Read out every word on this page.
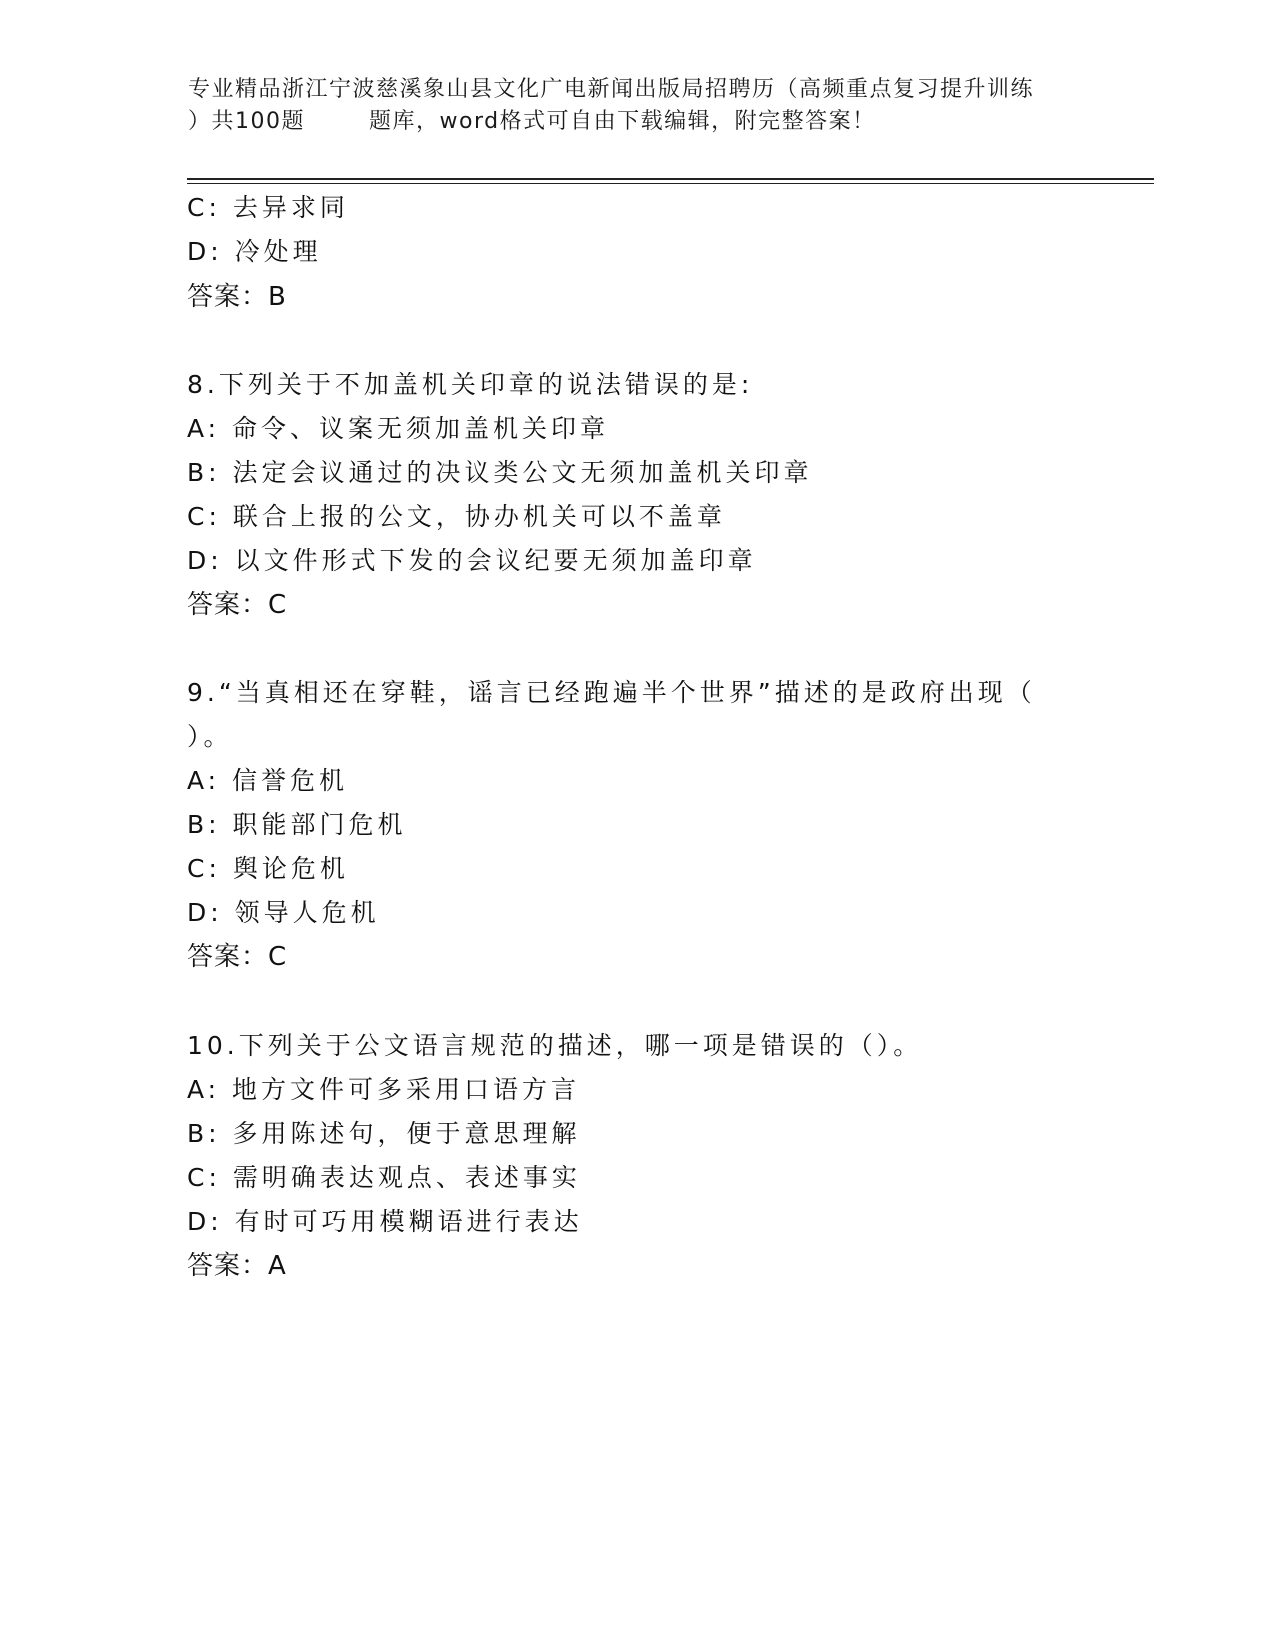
专业精品浙江宁波慈溪象山县文化广电新闻出版局招聘历（高频重点复习提升训练
）共100题	题库，word格式可自由下载编辑，附完整答案！
C: 去异求同
D: 冷处理
答案：B
8.下列关于不加盖机关印章的说法错误的是:
A: 命令、议案无须加盖机关印章
B: 法定会议通过的决议类公文无须加盖机关印章
C: 联合上报的公文，协办机关可以不盖章
D: 以文件形式下发的会议纪要无须加盖印章
答案：C
9.“当真相还在穿鞋，谣言已经跑遍半个世界”描述的是政府出现（
）。
A: 信誉危机
B: 职能部门危机
C: 舆论危机
D: 领导人危机
答案：C
10.下列关于公文语言规范的描述，哪一项是错误的（）。
A: 地方文件可多采用口语方言
B: 多用陈述句，便于意思理解
C: 需明确表达观点、表述事实
D: 有时可巧用模糊语进行表达
答案：A
